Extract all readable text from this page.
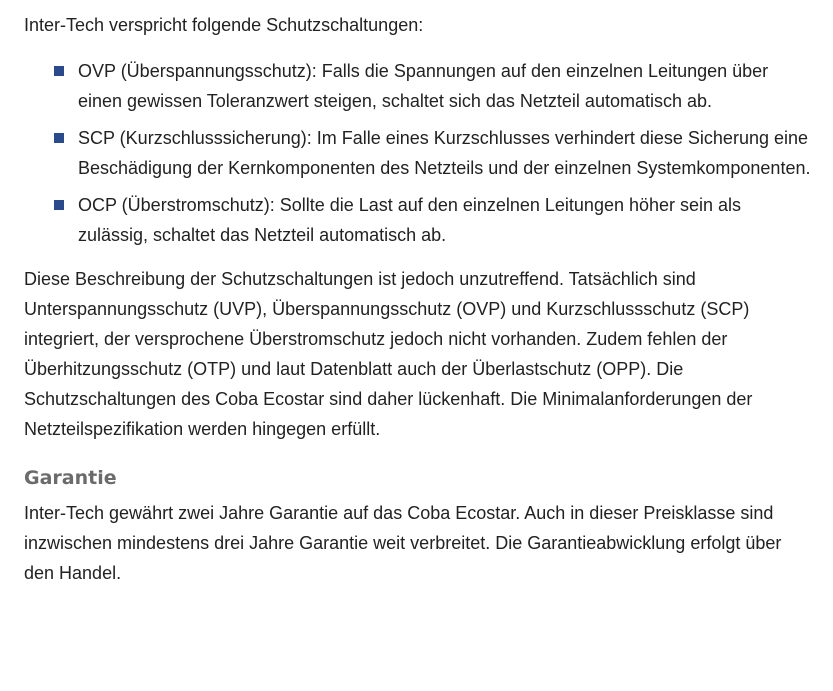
Inter-Tech verspricht folgende Schutzschaltungen:

OVP (Überspannungsschutz): Falls die Spannungen auf den einzelnen Leitungen über einen gewissen Toleranzwert steigen, schaltet sich das Netzteil automatisch ab.
SCP (Kurzschlusssicherung): Im Falle eines Kurzschlusses verhindert diese Sicherung eine Beschädigung der Kernkomponenten des Netzteils und der einzelnen Systemkomponenten.
OCP (Überstromschutz): Sollte die Last auf den einzelnen Leitungen höher sein als zulässig, schaltet das Netzteil automatisch ab.

Diese Beschreibung der Schutzschaltungen ist jedoch unzutreffend. Tatsächlich sind Unterspannungsschutz (UVP), Überspannungsschutz (OVP) und Kurzschlussschutz (SCP) integriert, der versprochene Überstromschutz jedoch nicht vorhanden. Zudem fehlen der Überhitzungsschutz (OTP) und laut Datenblatt auch der Überlastschutz (OPP). Die Schutzschaltungen des Coba Ecostar sind daher lückenhaft. Die Minimalanforderungen der Netzteilspezifikation werden hingegen erfüllt.

Garantie

Inter-Tech gewährt zwei Jahre Garantie auf das Coba Ecostar. Auch in dieser Preisklasse sind inzwischen mindestens drei Jahre Garantie weit verbreitet. Die Garantieabwicklung erfolgt über den Handel.
